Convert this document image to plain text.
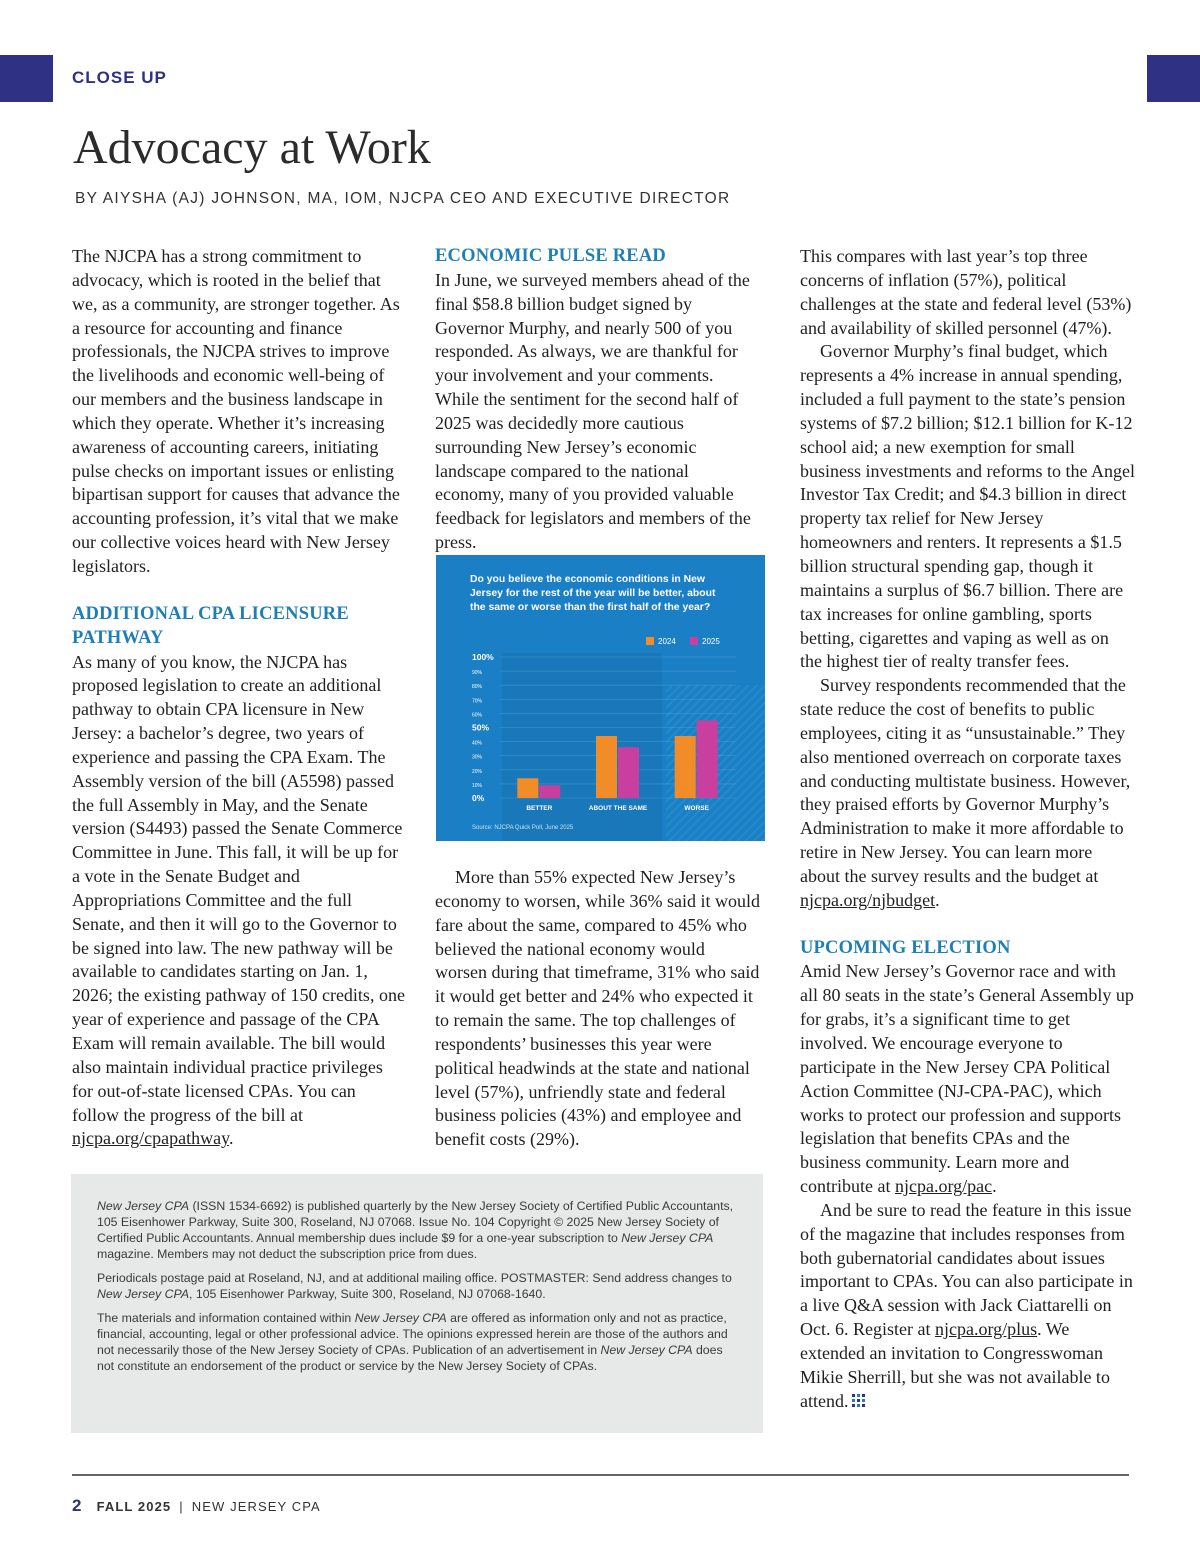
CLOSE UP
Advocacy at Work
BY AIYSHA (AJ) JOHNSON, MA, IOM, NJCPA CEO AND EXECUTIVE DIRECTOR

The NJCPA has a strong commitment to advocacy, which is rooted in the belief that we, as a community, are stronger together. As a resource for accounting and finance professionals, the NJCPA strives to improve the livelihoods and economic well-being of our members and the business landscape in which they operate. Whether it’s increasing awareness of accounting careers, initiating pulse checks on important issues or enlisting bipartisan support for causes that advance the accounting profession, it’s vital that we make our collective voices heard with New Jersey legislators.

ADDITIONAL CPA LICENSURE PATHWAY

As many of you know, the NJCPA has proposed legislation to create an additional pathway to obtain CPA licensure in New Jersey: a bachelor’s degree, two years of experience and passing the CPA Exam. The Assembly version of the bill (A5598) passed the full Assembly in May, and the Senate version (S4493) passed the Senate Commerce Committee in June. This fall, it will be up for a vote in the Senate Budget and Appropriations Committee and the full Senate, and then it will go to the Governor to be signed into law. The new pathway will be available to candidates starting on Jan. 1, 2026; the existing pathway of 150 credits, one year of experience and passage of the CPA Exam will remain available. The bill would also maintain individual practice privileges for out-of-state licensed CPAs. You can follow the progress of the bill at njcpa.org/cpapathway.

ECONOMIC PULSE READ

In June, we surveyed members ahead of the final $58.8 billion budget signed by Governor Murphy, and nearly 500 of you responded. As always, we are thankful for your involvement and your comments. While the sentiment for the second half of 2025 was decidedly more cautious surrounding New Jersey’s economic landscape compared to the national economy, many of you provided valuable feedback for legislators and members of the press.

Do you believe the economic conditions in New Jersey for the rest of the year will be better, about the same or worse than the first half of the year?
0%
10%
20%
30%
40%
50%
60%
70%
80%
90%
100%
BETTER	ABOUT THE SAME	WORSE
2024	2025
Source: NJCPA Quick Poll, June 2025

More than 55% expected New Jersey’s economy to worsen, while 36% said it would fare about the same, compared to 45% who believed the national economy would worsen during that timeframe, 31% who said it would get better and 24% who expected it to remain the same. The top challenges of respondents’ businesses this year were political headwinds at the state and national level (57%), unfriendly state and federal business policies (43%) and employee and benefit costs (29%).

New Jersey CPA (ISSN 1534-6692) is published quarterly by the New Jersey Society of Certified Public Accountants, 105 Eisenhower Parkway, Suite 300, Roseland, NJ 07068. Issue No. 104 Copyright © 2025 New Jersey Society of Certified Public Accountants. Annual membership dues include $9 for a one-year subscription to New Jersey CPA magazine. Members may not deduct the subscription price from dues.

Periodicals postage paid at Roseland, NJ, and at additional mailing office. POSTMASTER: Send address changes to New Jersey CPA, 105 Eisenhower Parkway, Suite 300, Roseland, NJ 07068-1640.

The materials and information contained within New Jersey CPA are offered as information only and not as practice, financial, accounting, legal or other professional advice. The opinions expressed herein are those of the authors and not necessarily those of the New Jersey Society of CPAs. Publication of an advertisement in New Jersey CPA does not constitute an endorsement of the product or service by the New Jersey Society of CPAs.

This compares with last year’s top three concerns of inflation (57%), political challenges at the state and federal level (53%) and availability of skilled personnel (47%).

Governor Murphy’s final budget, which represents a 4% increase in annual spending, included a full payment to the state’s pension systems of $7.2 billion; $12.1 billion for K-12 school aid; a new exemption for small business investments and reforms to the Angel Investor Tax Credit; and $4.3 billion in direct property tax relief for New Jersey homeowners and renters. It represents a $1.5 billion structural spending gap, though it maintains a surplus of $6.7 billion. There are tax increases for online gambling, sports betting, cigarettes and vaping as well as on the highest tier of realty transfer fees.

Survey respondents recommended that the state reduce the cost of benefits to public employees, citing it as “unsustainable.” They also mentioned overreach on corporate taxes and conducting multistate business. However, they praised efforts by Governor Murphy’s Administration to make it more affordable to retire in New Jersey. You can learn more about the survey results and the budget at njcpa.org/njbudget.

UPCOMING ELECTION

Amid New Jersey’s Governor race and with all 80 seats in the state’s General Assembly up for grabs, it’s a significant time to get involved. We encourage everyone to participate in the New Jersey CPA Political Action Committee (NJ-CPA-PAC), which works to protect our profession and supports legislation that benefits CPAs and the business community. Learn more and contribute at njcpa.org/pac.

And be sure to read the feature in this issue of the magazine that includes responses from both gubernatorial candidates about issues important to CPAs. You can also participate in a live Q&A session with Jack Ciattarelli on Oct. 6. Register at njcpa.org/plus. We extended an invitation to Congresswoman Mikie Sherrill, but she was not available to attend.

2 FALL 2025 | NEW JERSEY CPA
